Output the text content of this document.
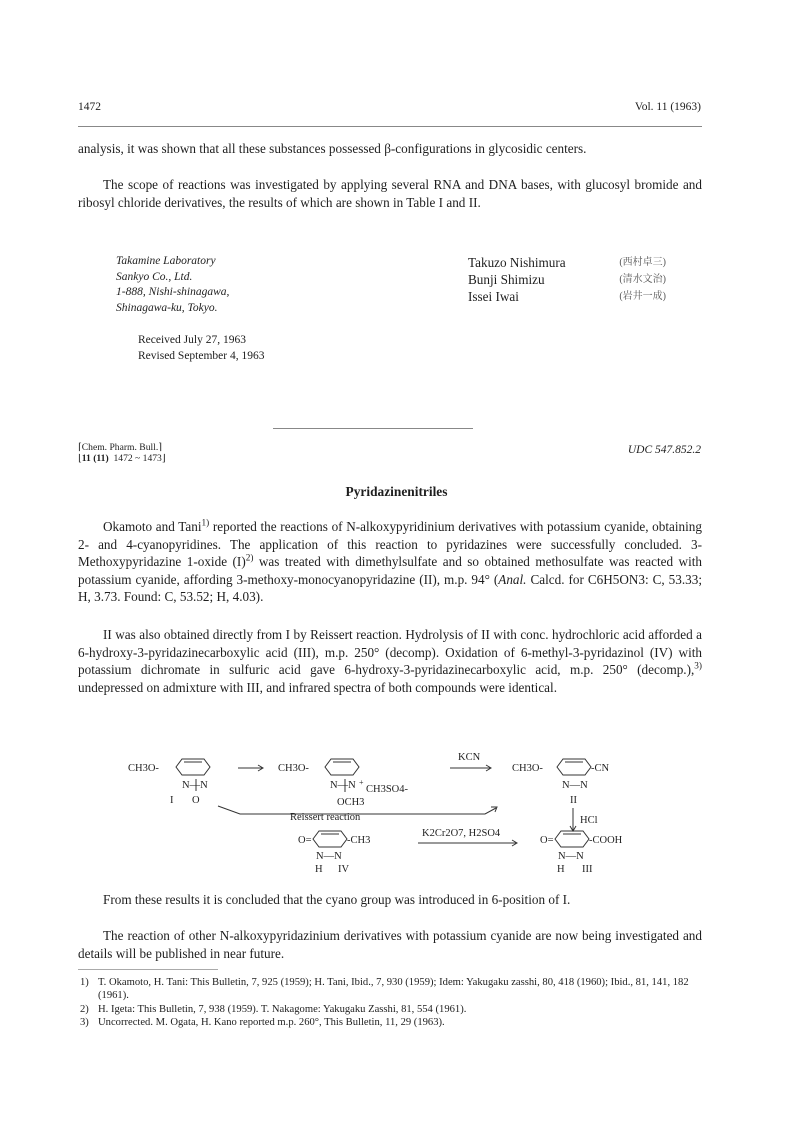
1472	Vol. 11 (1963)
analysis, it was shown that all these substances possessed β-configurations in glycosidic centers.
The scope of reactions was investigated by applying several RNA and DNA bases, with glucosyl bromide and ribosyl chloride derivatives, the results of which are shown in Table I and II.
Takamine Laboratory
Sankyo Co., Ltd.
1-888, Nishi-shinagawa,
Shinagawa-ku, Tokyo.
Takuzo Nishimura	(西村卓三)
Bunji Shimizu	(清水文治)
Issei Iwai	(岩井一成)
Received July 27, 1963
Revised September 4, 1963
⌈Chem. Pharm. Bull.⌉
⌊11 (11) 1472 ~ 1473⌋
UDC 547.852.2
Pyridazinenitriles
Okamoto and Tani$^{1)}$ reported the reactions of N-alkoxypyridinium derivatives with potassium cyanide, obtaining 2- and 4-cyanopyridines. The application of this reaction to pyridazines were successfully concluded. 3-Methoxypyridazine 1-oxide $(I)^{2)}$ was treated with dimethylsulfate and so obtained methosulfate was reacted with potassium cyanide, affording 3-methoxy-monocyanopyridazine (II), m.p. 94° (Anal. Calcd. for C6H5ON3: C, 53.33; H, 3.73. Found: C, 53.52; H, 4.03).
II was also obtained directly from I by Reissert reaction. Hydrolysis of II with conc. hydrochloric acid afforded a 6-hydroxy-3-pyridazinecarboxylic acid (III), m.p. 250° (decomp). Oxidation of 6-methyl-3-pyridazinol (IV) with potassium dichromate in sulfuric acid gave 6-hydroxy-3-pyridazinecarboxylic acid, m.p. 250° (decomp.),$^{3)}$ undepressed on admixture with III, and infrared spectra of both compounds were identical.
CH3O-
N—N
O
I
CH3O-
N—N +
CH3SO4-
OCH3
KCN
CH3O-	-CN
N—N
II
Reissert reaction	HCl
O=	-CH3
N—N
H IV
K2Cr2O7, H2SO4
O=	-COOH
N—N
H III
From these results it is concluded that the cyano group was introduced in 6-position of I.
The reaction of other N-alkoxypyridazinium derivatives with potassium cyanide are now being investigated and details will be published in near future.
1) T. Okamoto, H. Tani: This Bulletin, 7, 925 (1959); H. Tani, Ibid., 7, 930 (1959); Idem: Yakugaku zasshi, 80, 418 (1960); Ibid., 81, 141, 182 (1961).
2) H. Igeta: This Bulletin, 7, 938 (1959). T. Nakagome: Yakugaku Zasshi, 81, 554 (1961).
3) Uncorrected. M. Ogata, H. Kano reported m.p. 260°, This Bulletin, 11, 29 (1963).
